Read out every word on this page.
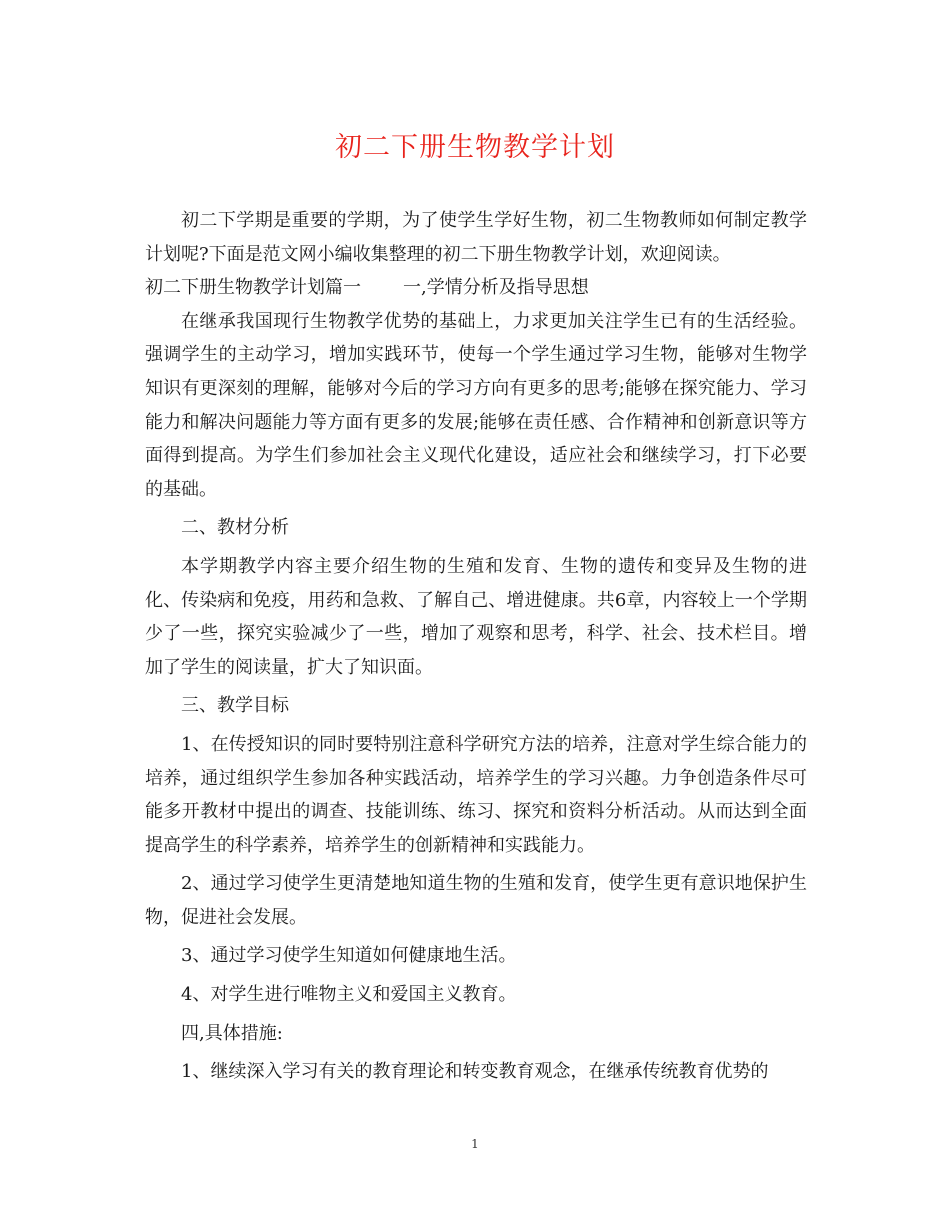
初二下册生物教学计划

初二下学期是重要的学期，为了使学生学好生物，初二生物教师如何制定教学计划呢?下面是范文网小编收集整理的初二下册生物教学计划，欢迎阅读。

初二下册生物教学计划篇一 一,学情分析及指导思想

在继承我国现行生物教学优势的基础上，力求更加关注学生已有的生活经验。强调学生的主动学习，增加实践环节，使每一个学生通过学习生物，能够对生物学知识有更深刻的理解，能够对今后的学习方向有更多的思考;能够在探究能力、学习能力和解决问题能力等方面有更多的发展;能够在责任感、合作精神和创新意识等方面得到提高。为学生们参加社会主义现代化建设，适应社会和继续学习，打下必要的基础。

二、教材分析

本学期教学内容主要介绍生物的生殖和发育、生物的遗传和变异及生物的进化、传染病和免疫，用药和急救、了解自己、增进健康。共6章，内容较上一个学期少了一些，探究实验减少了一些，增加了观察和思考，科学、社会、技术栏目。增加了学生的阅读量，扩大了知识面。

三、教学目标

1、在传授知识的同时要特别注意科学研究方法的培养，注意对学生综合能力的培养，通过组织学生参加各种实践活动，培养学生的学习兴趣。力争创造条件尽可能多开教材中提出的调查、技能训练、练习、探究和资料分析活动。从而达到全面提高学生的科学素养，培养学生的创新精神和实践能力。

2、通过学习使学生更清楚地知道生物的生殖和发育，使学生更有意识地保护生物，促进社会发展。

3、通过学习使学生知道如何健康地生活。

4、对学生进行唯物主义和爱国主义教育。

四,具体措施:

1、继续深入学习有关的教育理论和转变教育观念，在继承传统教育优势的

1
